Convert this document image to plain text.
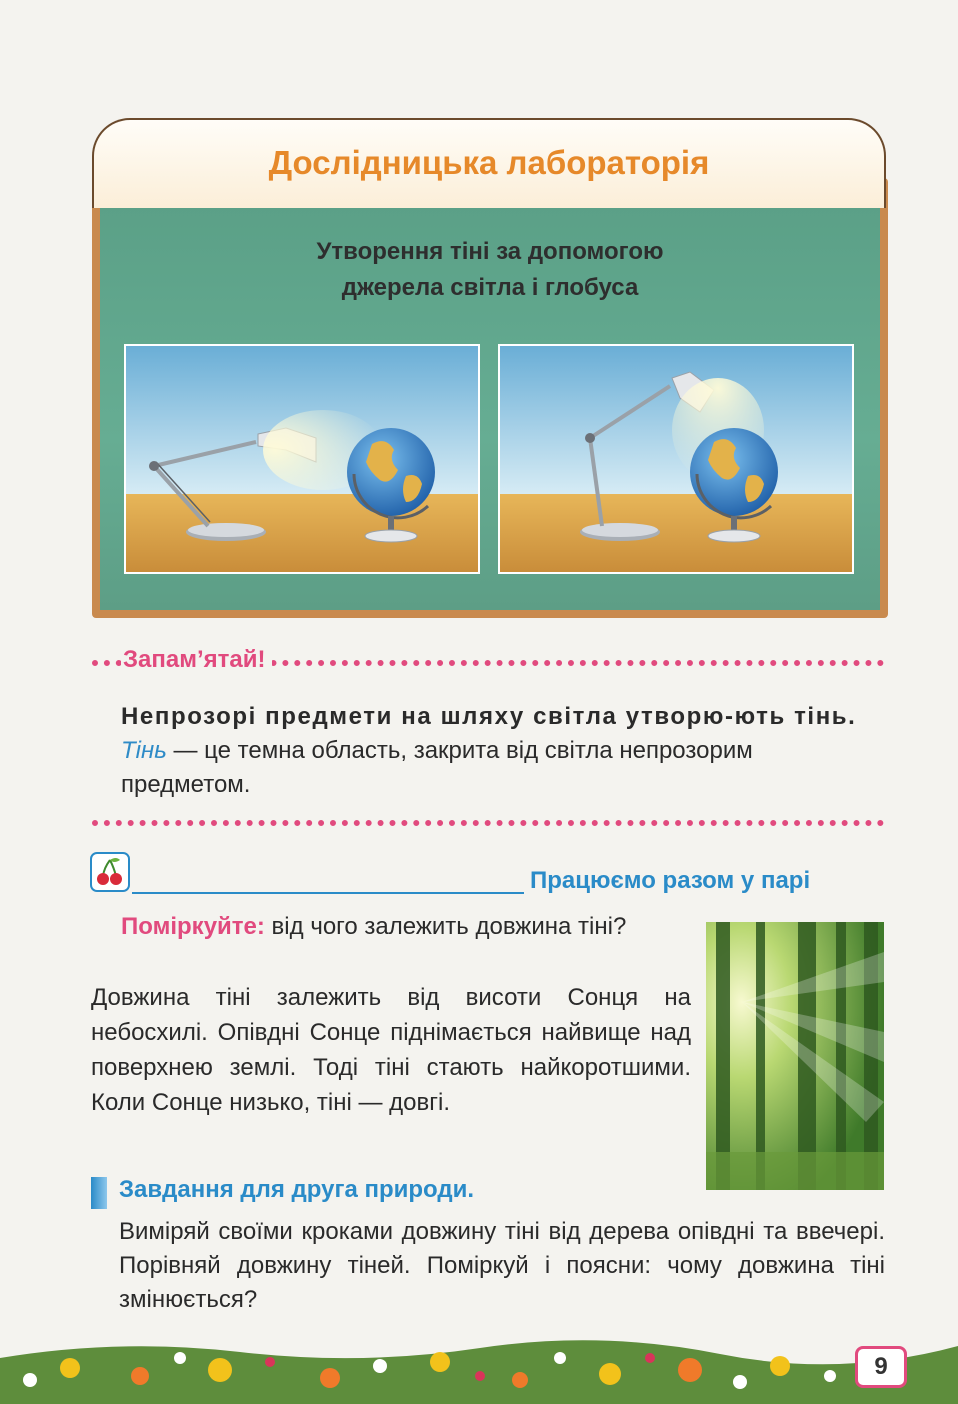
Дослідницька лабораторія
Утворення тіні за допомогою
джерела світла і глобуса
Запам’ятай!
Непрозорі предмети на шляху світла утворю-ють тінь. Тінь — це темна область, закрита від світла непрозорим предметом.
Працюємо разом у парі
Поміркуйте: від чого залежить довжина тіні?
Довжина тіні залежить від висоти Сонця на небосхилі. Опівдні Сонце піднімається найвище над поверхнею землі. Тоді тіні стають найкоротшими. Коли Сонце низько, тіні — довгі.
Завдання для друга природи.
Виміряй своїми кроками довжину тіні від дерева опівдні та ввечері. Порівняй довжину тіней. Поміркуй і поясни: чому довжина тіні змінюється?
9
